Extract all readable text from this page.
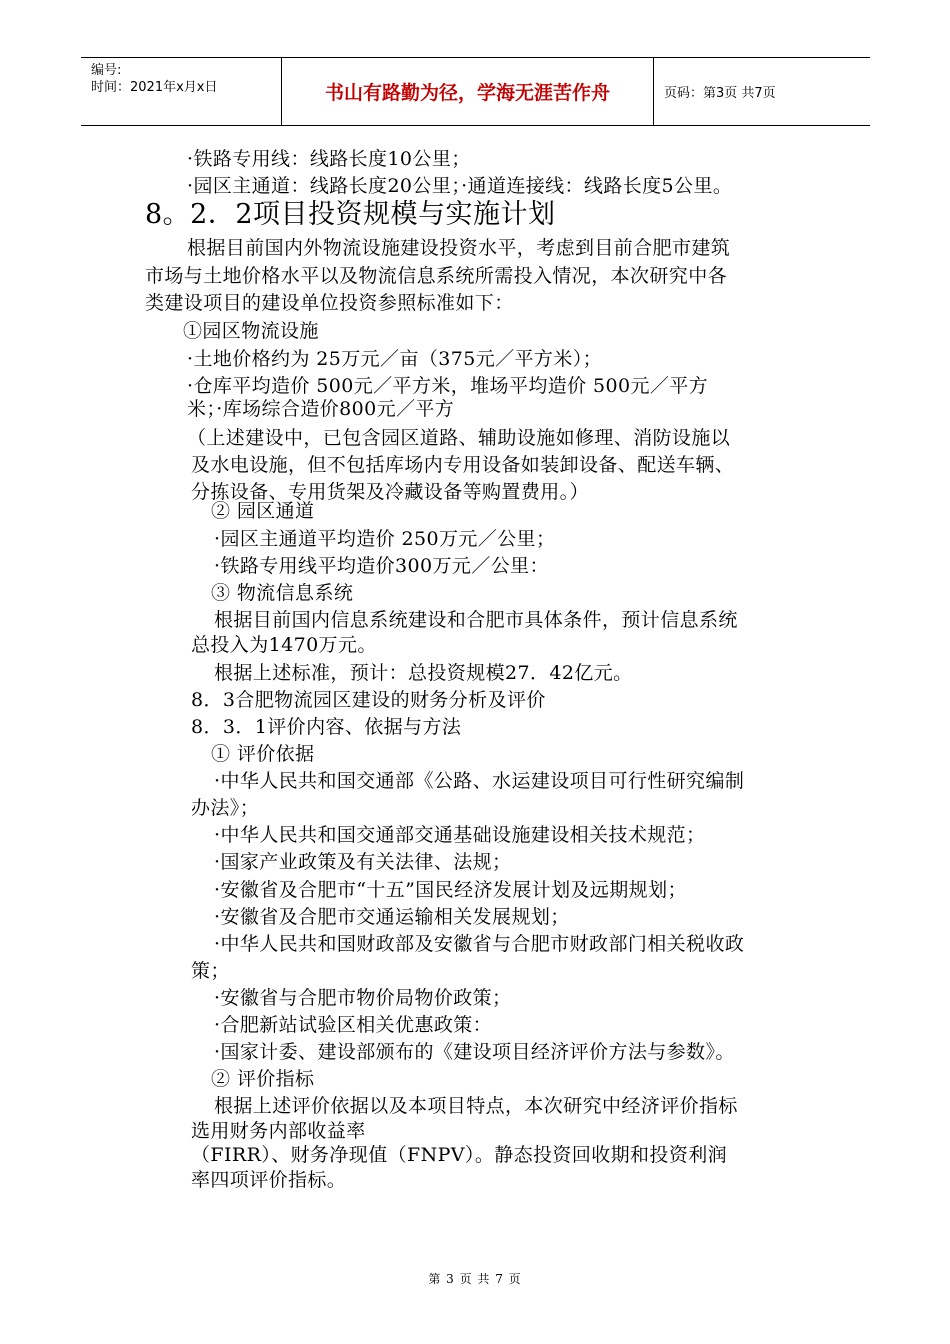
编号:
时间：2021年x月x日	书山有路勤为径，学海无涯苦作舟	页码：第3页 共7页
·铁路专用线：线路长度10公里；
·园区主通道：线路长度20公里；·通道连接线：线路长度5公里。
8。2．2项目投资规模与实施计划
根据目前国内外物流设施建设投资水平，考虑到目前合肥市建筑
市场与土地价格水平以及物流信息系统所需投入情况，本次研究中各
类建设项目的建设单位投资参照标准如下：
①园区物流设施
·土地价格约为 25万元／亩（375元／平方米）；
·仓库平均造价 500元／平方米，堆场平均造价 500元／平方
米；·库场综合造价800元／平方
（上述建设中，已包含园区道路、辅助设施如修理、消防设施以
及水电设施，但不包括库场内专用设备如装卸设备、配送车辆、
分拣设备、专用货架及冷藏设备等购置费用。）
② 园区通道
·园区主通道平均造价 250万元／公里；
·铁路专用线平均造价300万元／公里：
③ 物流信息系统
根据目前国内信息系统建设和合肥市具体条件，预计信息系统
总投入为1470万元。
根据上述标准，预计：总投资规模27．42亿元。
8．3合肥物流园区建设的财务分析及评价
8．3．1评价内容、依据与方法
① 评价依据
·中华人民共和国交通部《公路、水运建设项目可行性研究编制
办法》；
·中华人民共和国交通部交通基础设施建设相关技术规范；
·国家产业政策及有关法律、法规；
·安徽省及合肥市“十五”国民经济发展计划及远期规划；
·安徽省及合肥市交通运输相关发展规划；
·中华人民共和国财政部及安徽省与合肥市财政部门相关税收政
策；
·安徽省与合肥市物价局物价政策；
·合肥新站试验区相关优惠政策：
·国家计委、建设部颁布的《建设项目经济评价方法与参数》。
② 评价指标
根据上述评价依据以及本项目特点，本次研究中经济评价指标
选用财务内部收益率
（FIRR）、财务净现值（FNPV）。静态投资回收期和投资利润
率四项评价指标。
第 3 页 共 7 页
